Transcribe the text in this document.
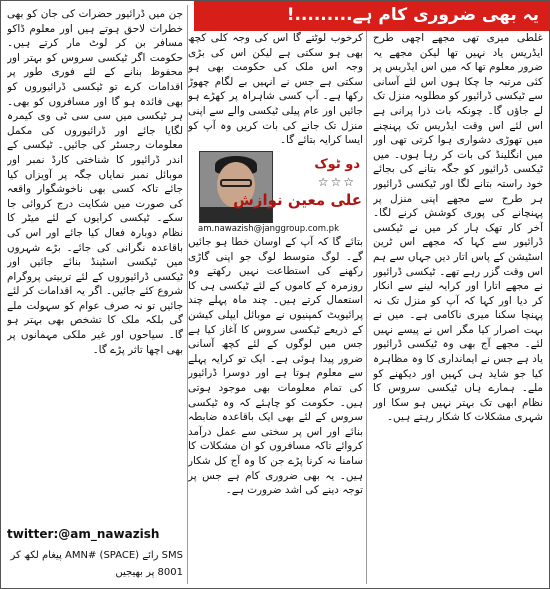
یہ بھی ضروری کام ہے.........!

غلطی میری تھی مجھے اچھی طرح ایڈریس یاد نہیں تھا لیکن مجھے یہ ضرور معلوم تھا کہ میں اس ایڈریس پر کئی مرتبہ جا چکا ہوں اس لئے آسانی سے ٹیکسی ڈرائیور کو مطلوبہ منزل تک لے جاؤں گا۔ چونکہ بات ذرا پرانی ہے اس لئے اس وقت ایڈریس تک پہنچنے میں تھوڑی دشواری ہوا کرتی تھی اور میں انگلینڈ کی بات کر رہا ہوں۔ میں ٹیکسی ڈرائیور کو جگہ بتانے کی بجائے خود راستہ بتانے لگا اور ٹیکسی ڈرائیور ہر طرح سے مجھے اپنی منزل پر پہنچانے کی پوری کوشش کرنے لگا۔ آخر کار تھک ہار کر میں نے ٹیکسی ڈرائیور سے کہا کہ مجھے اس ٹرین اسٹیشن کے پاس اتار دیں جہاں سے ہم اس وقت گزر رہے تھے۔ ٹیکسی ڈرائیور نے مجھے اتارا اور کرایہ لینے سے انکار کر دیا اور کہا کہ آپ کو منزل تک نہ پہنچا سکنا میری ناکامی ہے۔ میں نے بہت اصرار کیا مگر اس نے پیسے نہیں لئے۔ مجھے آج بھی وہ ٹیکسی ڈرائیور یاد ہے جس نے ایمانداری کا وہ مظاہرہ کیا جو شاید ہی کہیں اور دیکھنے کو ملے۔ ہمارے ہاں ٹیکسی سروس کا نظام ابھی تک بہتر نہیں ہو سکا اور شہری مشکلات کا شکار رہتے ہیں۔

کرخوب لوٹتے گا اس کی وجہ کلی کچھ بھی ہو سکتی ہے لیکن اس کی بڑی وجہ اس ملک کی حکومت بھی ہو سکتی ہے جس نے انہیں بے لگام چھوڑ رکھا ہے۔ آپ کسی شاہراہ پر کھڑے ہو جائیں اور عام پیلی ٹیکسی والے سے اپنی منزل تک جانے کی بات کریں وہ آپ کو ایسا کرایہ بتائے گا۔

دو ٹوک
☆☆☆
علی معین نوازش
am.nawazish@janggroup.com.pk

بتائے گا کہ آپ کے اوسان خطا ہو جائیں گے۔ لوگ متوسط لوگ جو اپنی گاڑی رکھنے کی استطاعت نہیں رکھتے وہ روزمرہ کے کاموں کے لئے ٹیکسی ہی کا استعمال کرتے ہیں۔ چند ماہ پہلے چند پرائیویٹ کمپنیوں نے موبائل ایپلی کیشن کے ذریعے ٹیکسی سروس کا آغاز کیا ہے جس میں لوگوں کے لئے کچھ آسانی ضرور پیدا ہوئی ہے۔ ایک تو کرایہ پہلے سے معلوم ہوتا ہے اور دوسرا ڈرائیور کی تمام معلومات بھی موجود ہوتی ہیں۔ حکومت کو چاہئے کہ وہ ٹیکسی سروس کے لئے بھی ایک باقاعدہ ضابطہ بنائے اور اس پر سختی سے عمل درآمد کروائے تاکہ مسافروں کو ان مشکلات کا سامنا نہ کرنا پڑے جن کا وہ آج کل شکار ہیں۔ یہ بھی ضروری کام ہے جس پر توجہ دینے کی اشد ضرورت ہے۔

جن میں ڈرائیور حضرات کی جان کو بھی خطرات لاحق ہوتے ہیں اور معلوم ڈاکو مسافر بن کر لوٹ مار کرتے ہیں۔ حکومت اگر ٹیکسی سروس کو بہتر اور محفوظ بنانے کے لئے فوری طور پر اقدامات کرے تو ٹیکسی ڈرائیوروں کو بھی فائدہ ہو گا اور مسافروں کو بھی۔ ہر ٹیکسی میں سی سی ٹی وی کیمرہ لگایا جائے اور ڈرائیوروں کی مکمل معلومات رجسٹر کی جائیں۔ ٹیکسی کے اندر ڈرائیور کا شناختی کارڈ نمبر اور موبائل نمبر نمایاں جگہ پر آویزاں کیا جائے تاکہ کسی بھی ناخوشگوار واقعہ کی صورت میں شکایت درج کروائی جا سکے۔ ٹیکسی کرایوں کے لئے میٹر کا نظام دوبارہ فعال کیا جائے اور اس کی باقاعدہ نگرانی کی جائے۔ بڑے شہروں میں ٹیکسی اسٹینڈ بنائے جائیں اور ٹیکسی ڈرائیوروں کے لئے تربیتی پروگرام شروع کئے جائیں۔ اگر یہ اقدامات کر لئے جائیں تو نہ صرف عوام کو سہولت ملے گی بلکہ ملک کا تشخص بھی بہتر ہو گا۔ سیاحوں اور غیر ملکی مہمانوں پر بھی اچھا تاثر پڑے گا۔

twitter:@am_nawazish
SMS رائے AMN# (SPACE) پیغام لکھ کر
8001 پر بھیجیں
